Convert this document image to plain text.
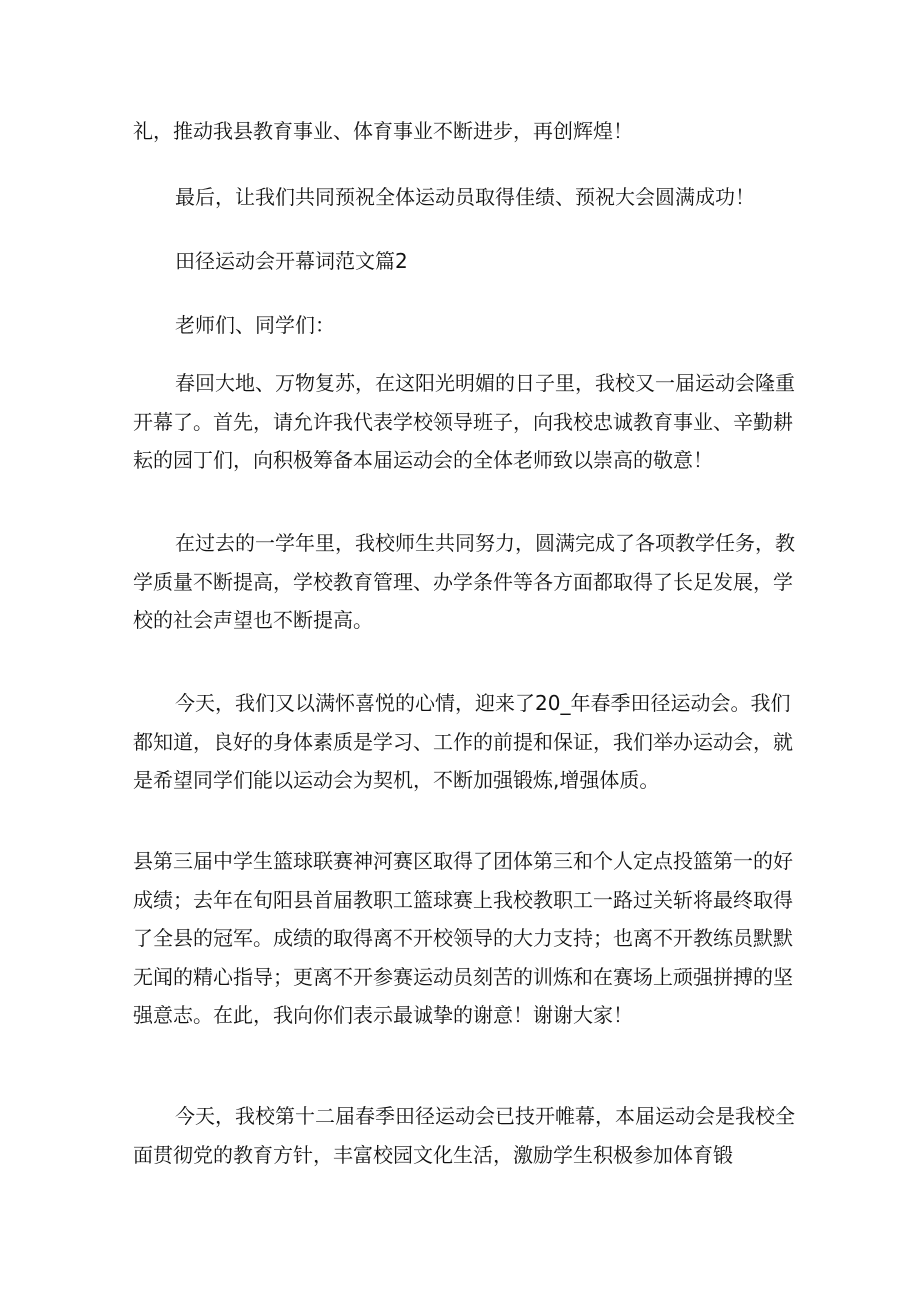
礼，推动我县教育事业、体育事业不断进步，再创辉煌！

最后，让我们共同预祝全体运动员取得佳绩、预祝大会圆满成功！

田径运动会开幕词范文篇2

老师们、同学们：

春回大地、万物复苏，在这阳光明媚的日子里，我校又一届运动会隆重开幕了。首先，请允许我代表学校领导班子，向我校忠诚教育事业、辛勤耕耘的园丁们，向积极筹备本届运动会的全体老师致以崇高的敬意！

在过去的一学年里，我校师生共同努力，圆满完成了各项教学任务，教学质量不断提高，学校教育管理、办学条件等各方面都取得了长足发展，学校的社会声望也不断提高。

今天，我们又以满怀喜悦的心情，迎来了20_年春季田径运动会。我们都知道，良好的身体素质是学习、工作的前提和保证，我们举办运动会，就是希望同学们能以运动会为契机，不断加强锻炼,增强体质。

县第三届中学生篮球联赛神河赛区取得了团体第三和个人定点投篮第一的好成绩；去年在旬阳县首届教职工篮球赛上我校教职工一路过关斩将最终取得了全县的冠军。成绩的取得离不开校领导的大力支持；也离不开教练员默默无闻的精心指导；更离不开参赛运动员刻苦的训炼和在赛场上顽强拼搏的坚强意志。在此，我向你们表示最诚挚的谢意！谢谢大家！

今天，我校第十二届春季田径运动会已技开帷幕，本届运动会是我校全面贯彻党的教育方针，丰富校园文化生活，激励学生积极参加体育锻
